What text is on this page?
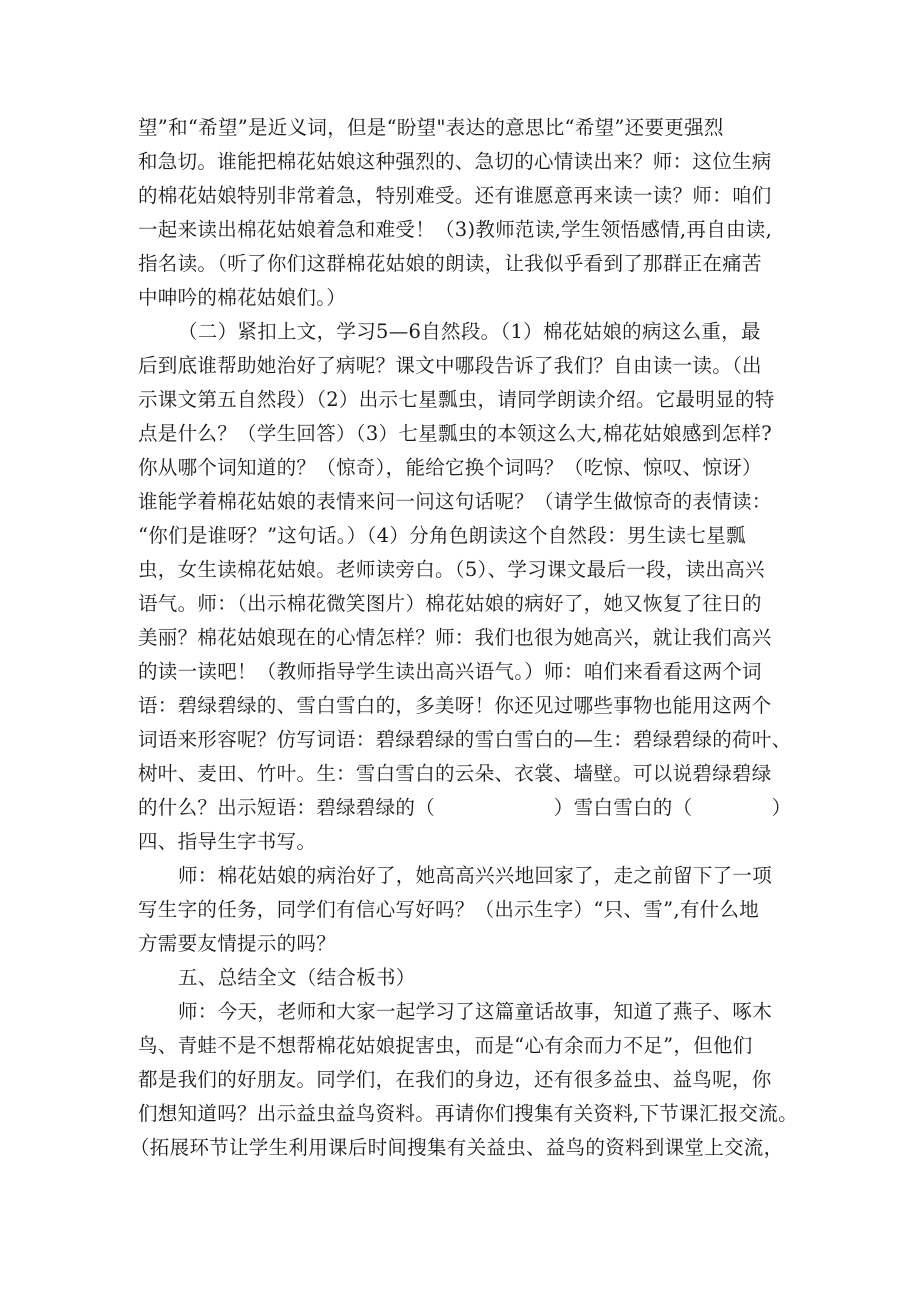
望”和“希望”是近义词，但是“盼望"表达的意思比“希望”还要更强烈
和急切。谁能把棉花姑娘这种强烈的、急切的心情读出来？师：这位生病
的棉花姑娘特别非常着急，特别难受。还有谁愿意再来读一读？师：咱们
一起来读出棉花姑娘着急和难受！（3)教师范读,学生领悟感情,再自由读,
指名读。（听了你们这群棉花姑娘的朗读，让我似乎看到了那群正在痛苦
中呻吟的棉花姑娘们。）
（二）紧扣上文，学习5—6自然段。（1）棉花姑娘的病这么重，最
后到底谁帮助她治好了病呢？课文中哪段告诉了我们？自由读一读。（出
示课文第五自然段）（2）出示七星瓢虫，请同学朗读介绍。它最明显的特
点是什么？（学生回答）（3）七星瓢虫的本领这么大,棉花姑娘感到怎样?
你从哪个词知道的？（惊奇），能给它换个词吗？（吃惊、惊叹、惊讶）
谁能学着棉花姑娘的表情来问一问这句话呢？（请学生做惊奇的表情读：
“你们是谁呀？”这句话。）（4）分角色朗读这个自然段：男生读七星瓢
虫，女生读棉花姑娘。老师读旁白。（5）、学习课文最后一段，读出高兴
语气。师：（出示棉花微笑图片）棉花姑娘的病好了，她又恢复了往日的
美丽？棉花姑娘现在的心情怎样？师：我们也很为她高兴，就让我们高兴
的读一读吧！（教师指导学生读出高兴语气。）师：咱们来看看这两个词
语：碧绿碧绿的、雪白雪白的，多美呀！你还见过哪些事物也能用这两个
词语来形容呢？仿写词语：碧绿碧绿的雪白雪白的—生：碧绿碧绿的荷叶、
树叶、麦田、竹叶。生：雪白雪白的云朵、衣裳、墙壁。可以说碧绿碧绿
的什么？出示短语：碧绿碧绿的（　　　　　　）雪白雪白的（　　　　）
四、指导生字书写。
师：棉花姑娘的病治好了，她高高兴兴地回家了，走之前留下了一项
写生字的任务，同学们有信心写好吗？（出示生字）“只、雪”,有什么地
方需要友情提示的吗？
五、总结全文（结合板书）
师：今天，老师和大家一起学习了这篇童话故事，知道了燕子、啄木
鸟、青蛙不是不想帮棉花姑娘捉害虫，而是“心有余而力不足”，但他们
都是我们的好朋友。同学们，在我们的身边，还有很多益虫、益鸟呢，你
们想知道吗？出示益虫益鸟资料。再请你们搜集有关资料,下节课汇报交流。
（拓展环节让学生利用课后时间搜集有关益虫、益鸟的资料到课堂上交流，
